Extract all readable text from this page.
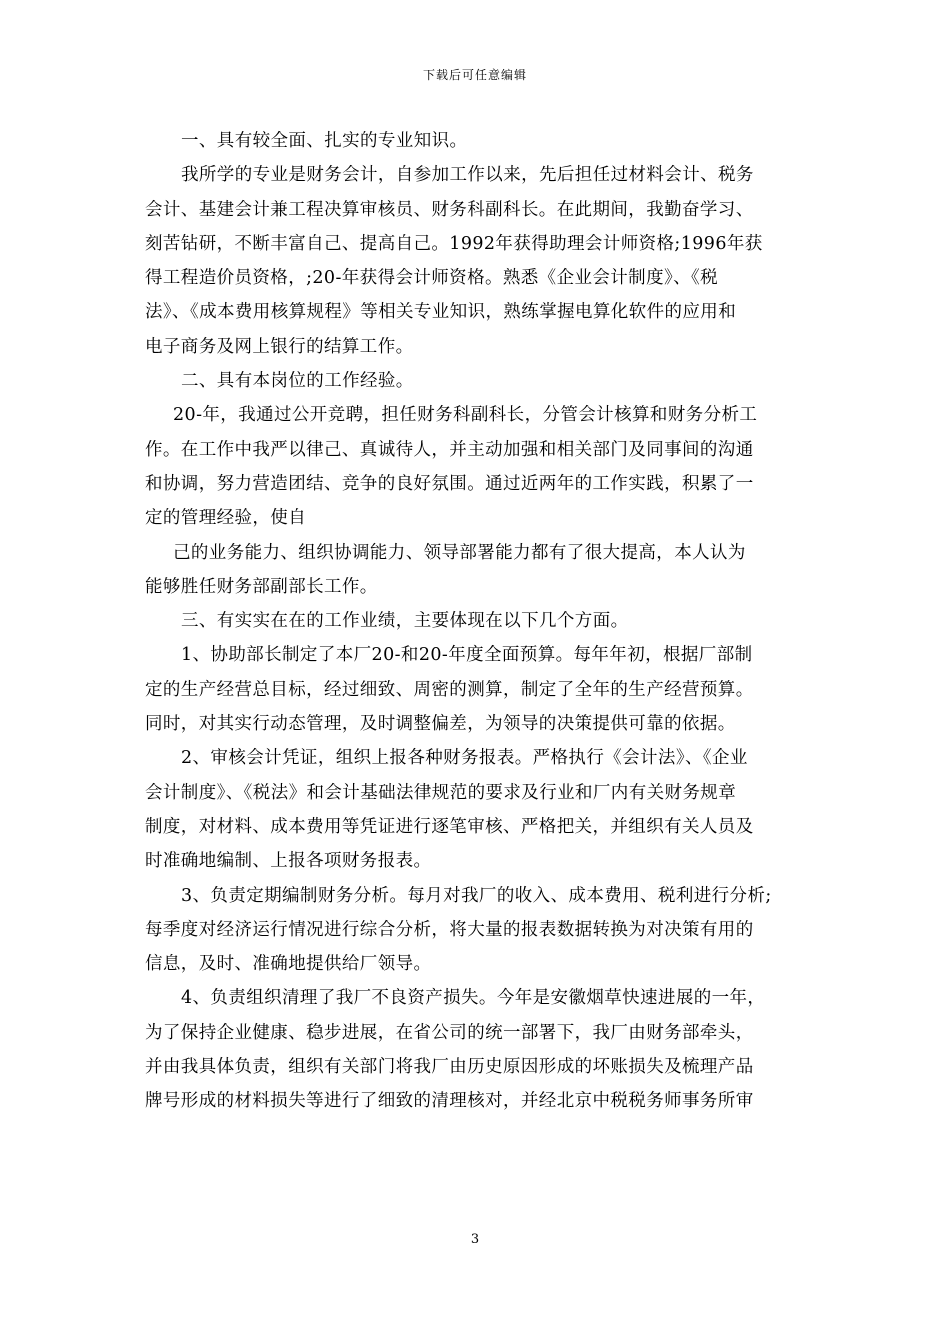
下载后可任意编辑
一、具有较全面、扎实的专业知识。
我所学的专业是财务会计，自参加工作以来，先后担任过材料会计、税务
会计、基建会计兼工程决算审核员、财务科副科长。在此期间，我勤奋学习、
刻苦钻研，不断丰富自己、提高自己。1992年获得助理会计师资格;1996年获
得工程造价员资格，;20-年获得会计师资格。熟悉《企业会计制度》、《税
法》、《成本费用核算规程》等相关专业知识，熟练掌握电算化软件的应用和
电子商务及网上银行的结算工作。
二、具有本岗位的工作经验。
20-年，我通过公开竞聘，担任财务科副科长，分管会计核算和财务分析工
作。在工作中我严以律己、真诚待人，并主动加强和相关部门及同事间的沟通
和协调，努力营造团结、竞争的良好氛围。通过近两年的工作实践，积累了一
定的管理经验，使自
己的业务能力、组织协调能力、领导部署能力都有了很大提高，本人认为
能够胜任财务部副部长工作。
三、有实实在在的工作业绩，主要体现在以下几个方面。
1、协助部长制定了本厂20-和20-年度全面预算。每年年初，根据厂部制
定的生产经营总目标，经过细致、周密的测算，制定了全年的生产经营预算。
同时，对其实行动态管理，及时调整偏差，为领导的决策提供可靠的依据。
2、审核会计凭证，组织上报各种财务报表。严格执行《会计法》、《企业
会计制度》、《税法》和会计基础法律规范的要求及行业和厂内有关财务规章
制度，对材料、成本费用等凭证进行逐笔审核、严格把关，并组织有关人员及
时准确地编制、上报各项财务报表。
3、负责定期编制财务分析。每月对我厂的收入、成本费用、税利进行分析;
每季度对经济运行情况进行综合分析，将大量的报表数据转换为对决策有用的
信息，及时、准确地提供给厂领导。
4、负责组织清理了我厂不良资产损失。今年是安徽烟草快速进展的一年，
为了保持企业健康、稳步进展，在省公司的统一部署下，我厂由财务部牵头，
并由我具体负责，组织有关部门将我厂由历史原因形成的坏账损失及梳理产品
牌号形成的材料损失等进行了细致的清理核对，并经北京中税税务师事务所审
3
